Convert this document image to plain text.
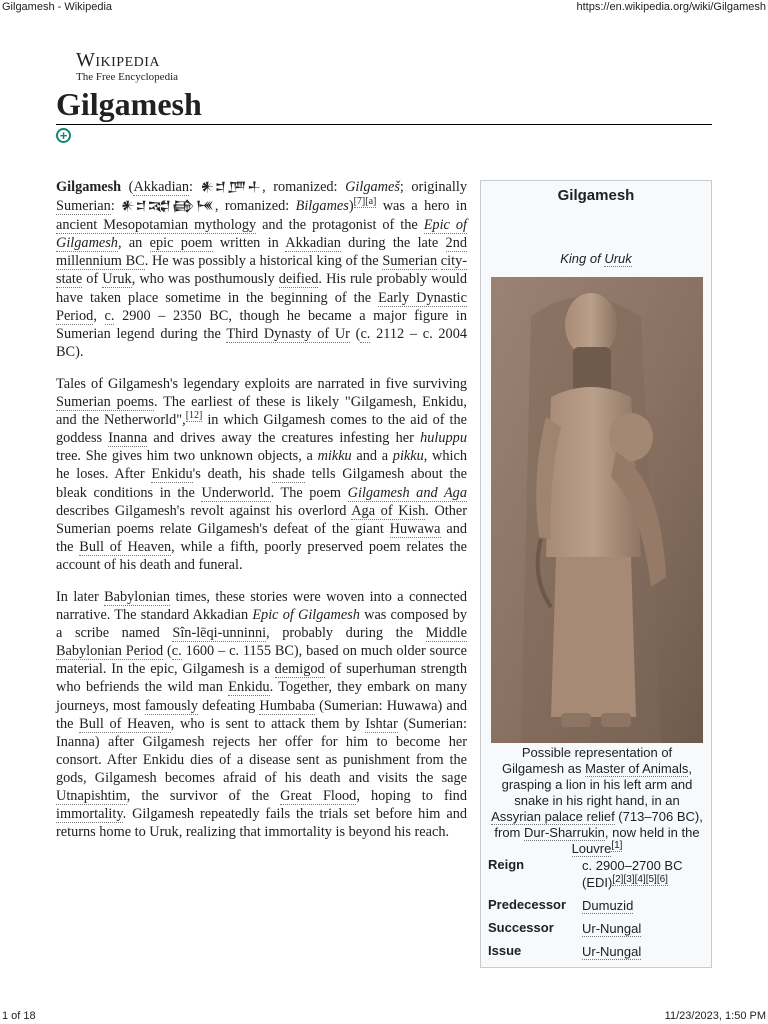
Gilgamesh - Wikipedia	https://en.wikipedia.org/wiki/Gilgamesh
Wikipedia
The Free Encyclopedia
Gilgamesh
+

Gilgamesh (Akkadian: 𒀭𒄑𒂆𒈦, romanized: Gilgameš; originally Sumerian: 𒀭𒄑𒉋𒂵𒎌, romanized: Bilgames)[7][a] was a hero in ancient Mesopotamian mythology and the protagonist of the Epic of Gilgamesh, an epic poem written in Akkadian during the late 2nd millennium BC. He was possibly a historical king of the Sumerian city-state of Uruk, who was posthumously deified. His rule probably would have taken place sometime in the beginning of the Early Dynastic Period, c. 2900 – 2350 BC, though he became a major figure in Sumerian legend during the Third Dynasty of Ur (c. 2112 – c. 2004 BC).

Tales of Gilgamesh's legendary exploits are narrated in five surviving Sumerian poems. The earliest of these is likely "Gilgamesh, Enkidu, and the Netherworld",[12] in which Gilgamesh comes to the aid of the goddess Inanna and drives away the creatures infesting her huluppu tree. She gives him two unknown objects, a mikku and a pikku, which he loses. After Enkidu's death, his shade tells Gilgamesh about the bleak conditions in the Underworld. The poem Gilgamesh and Aga describes Gilgamesh's revolt against his overlord Aga of Kish. Other Sumerian poems relate Gilgamesh's defeat of the giant Huwawa and the Bull of Heaven, while a fifth, poorly preserved poem relates the account of his death and funeral.

In later Babylonian times, these stories were woven into a connected narrative. The standard Akkadian Epic of Gilgamesh was composed by a scribe named Sîn-lēqi-unninni, probably during the Middle Babylonian Period (c. 1600 – c. 1155 BC), based on much older source material. In the epic, Gilgamesh is a demigod of superhuman strength who befriends the wild man Enkidu. Together, they embark on many journeys, most famously defeating Humbaba (Sumerian: Huwawa) and the Bull of Heaven, who is sent to attack them by Ishtar (Sumerian: Inanna) after Gilgamesh rejects her offer for him to become her consort. After Enkidu dies of a disease sent as punishment from the gods, Gilgamesh becomes afraid of his death and visits the sage Utnapishtim, the survivor of the Great Flood, hoping to find immortality. Gilgamesh repeatedly fails the trials set before him and returns home to Uruk, realizing that immortality is beyond his reach.

Gilgamesh
King of Uruk
Possible representation of Gilgamesh as Master of Animals, grasping a lion in his left arm and snake in his right hand, in an Assyrian palace relief (713–706 BC), from Dur-Sharrukin, now held in the Louvre[1]
Reign	c. 2900–2700 BC (EDI)[2][3][4][5][6]
Predecessor	Dumuzid
Successor	Ur-Nungal
Issue	Ur-Nungal
1 of 18	11/23/2023, 1:50 PM
